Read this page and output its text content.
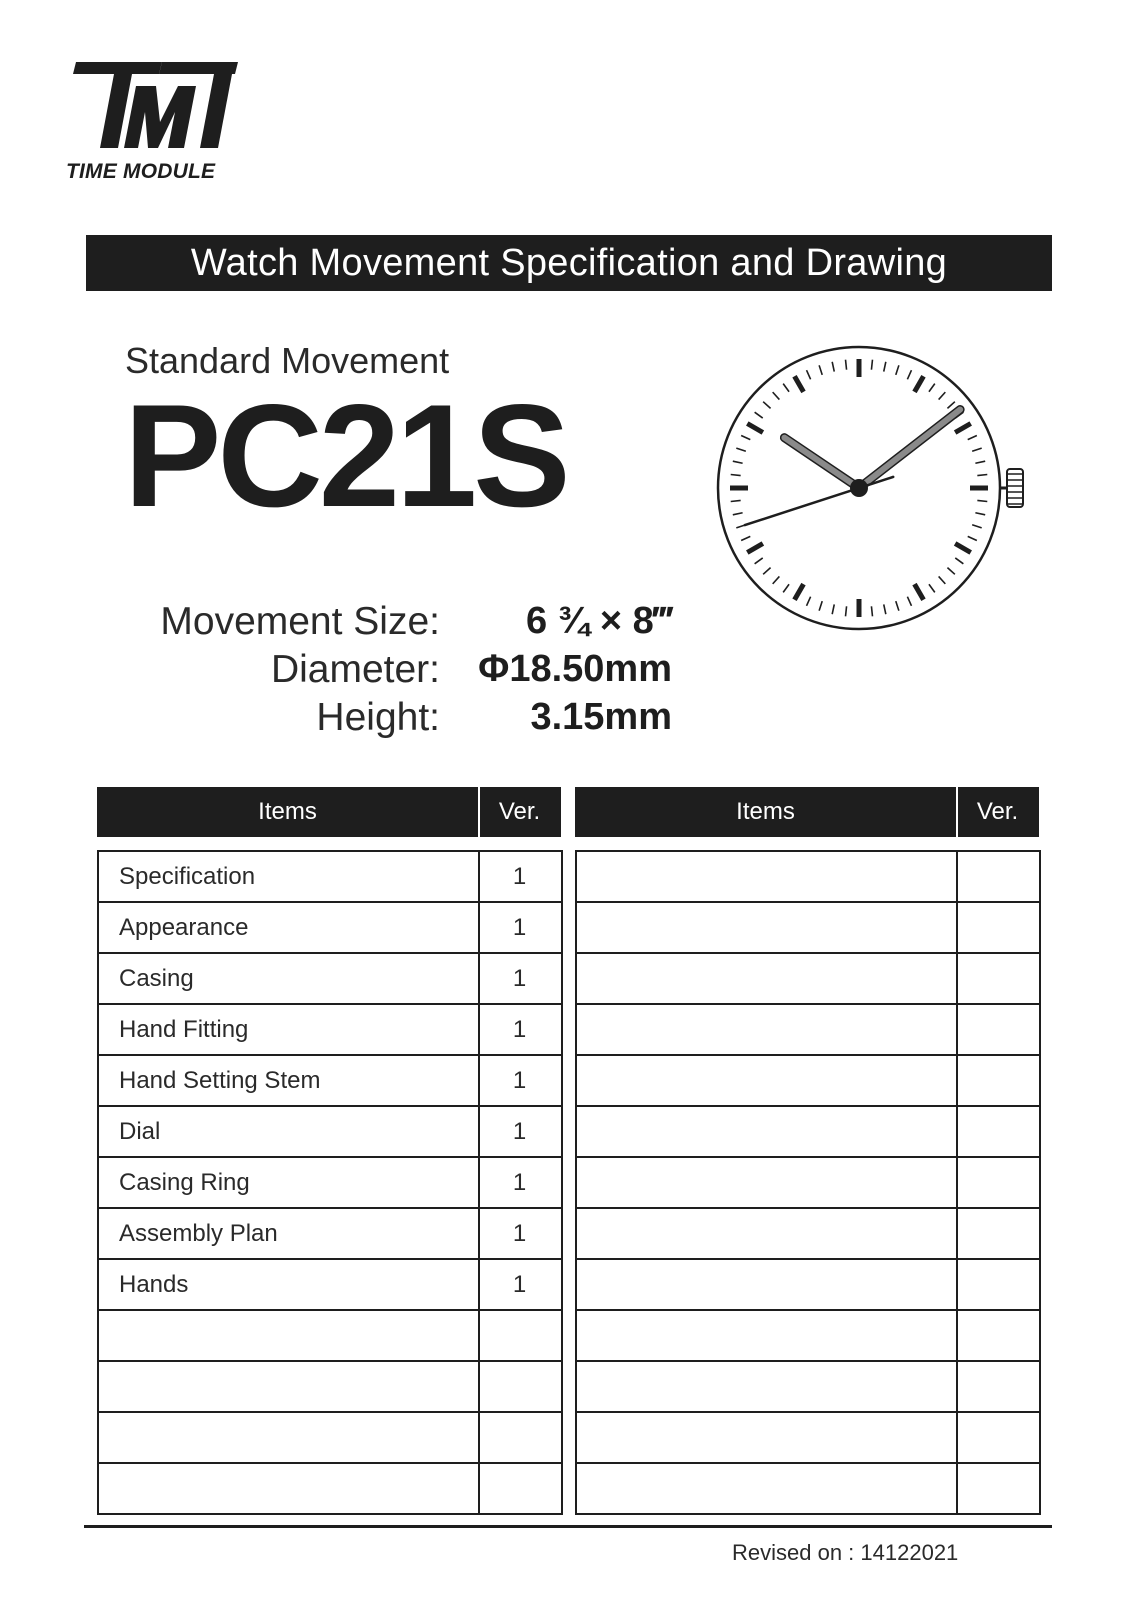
TIME MODULE
Watch Movement Specification and Drawing
Standard Movement
PC21S
Movement Size: 6 ¾ × 8‴
Diameter: Φ18.50mm
Height: 3.15mm
Items	Ver.
Specification	1
Appearance	1
Casing	1
Hand Fitting	1
Hand Setting Stem	1
Dial	1
Casing Ring	1
Assembly Plan	1
Hands	1
Items	Ver.
Revised on : 14122021
